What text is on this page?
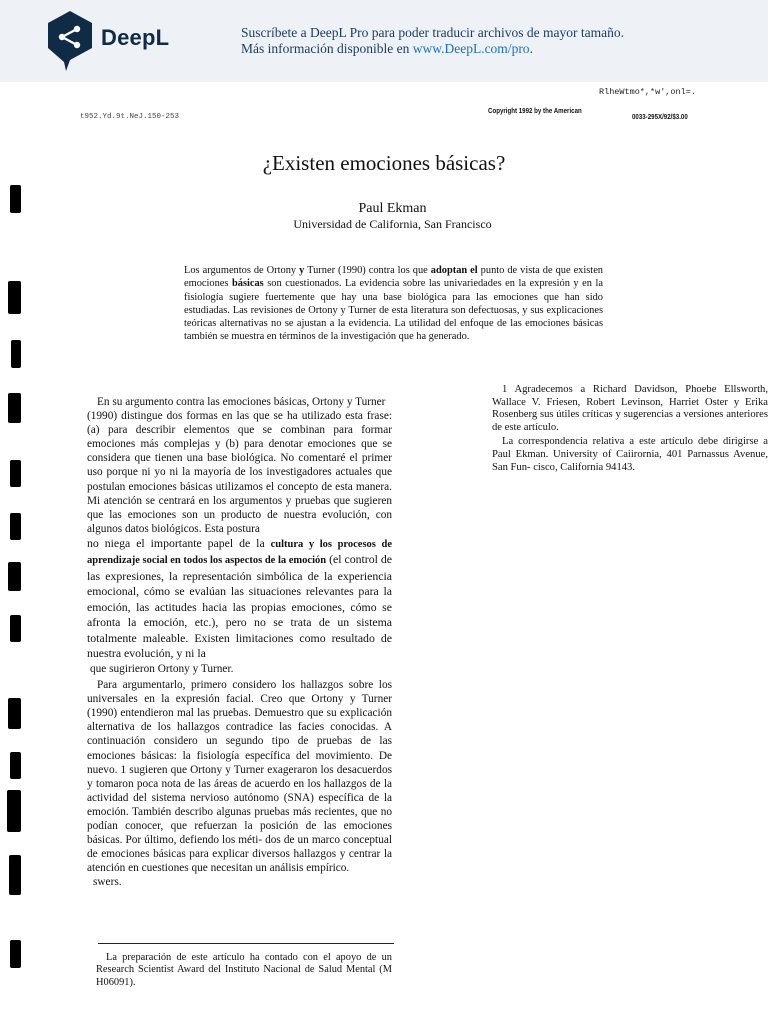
DeepL	Suscríbete a DeepL Pro para poder traducir archivos de mayor tamaño.
Más información disponible en www.DeepL.com/pro.
RlheWtmo*,*w',onl=.
t952.Yd.9t.NeJ.150-253
Copyright 1992 by the American
0033-295X/92/$3.00
¿Existen emociones básicas?
Paul Ekman
Universidad de California, San Francisco
Los argumentos de Ortony y Turner (1990) contra los que adoptan el punto de vista de que existen emociones básicas son cuestionados. La evidencia sobre las univariedades en la expresión y en la fisiología sugiere fuertemente que hay una base biológica para las emociones que han sido estudiadas. Las revisiones de Ortony y Turner de esta literatura son defectuosas, y sus explicaciones teóricas alternativas no se ajustan a la evidencia. La utilidad del enfoque de las emociones básicas también se muestra en términos de la investigación que ha generado.

En su argumento contra las emociones básicas, Ortony y Turner

(1990) distingue dos formas en las que se ha utilizado esta frase: (a) para describir elementos que se combinan para formar emociones más complejas y (b) para denotar emociones que se considera que tienen una base biológica. No comentaré el primer uso porque ni yo ni la mayoría de los investigadores actuales que postulan emociones básicas utilizamos el concepto de esta manera. Mi atención se centrará en los argumentos y pruebas que sugieren que las emociones son un producto de nuestra evolución, con algunos datos biológicos. Esta postura

no niega el importante papel de la cultura y los procesos de aprendizaje social en todos los aspectos de la emoción (el control de las expresiones, la representación simbólica de la experiencia emocional, cómo se evalúan las situaciones relevantes para la emoción, las actitudes hacia las propias emociones, cómo se afronta la emoción, etc.), pero no se trata de un sistema totalmente maleable. Existen limitaciones como resultado de nuestra evolución, y ni la

que sugirieron Ortony y Turner.

Para argumentarlo, primero considero los hallazgos sobre los universales en la expresión facial. Creo que Ortony y Turner (1990) entendieron mal las pruebas. Demuestro que su explicación alternativa de los hallazgos contradice las facies conocidas. A continuación considero un segundo tipo de pruebas de las emociones básicas: la fisiología específica del movimiento. De nuevo. 1 sugieren que Ortony y Turner exageraron los desacuerdos y tomaron poca nota de las áreas de acuerdo en los hallazgos de la actividad del sistema nervioso autónomo (SNA) específica de la emoción. También describo algunas pruebas más recientes, que no podían conocer, que refuerzan la posición de las emociones básicas. Por último, defiendo los méti- dos de un marco conceptual de emociones básicas para explicar diversos hallazgos y centrar la atención en cuestiones que necesitan un análisis empírico.

swers.

1 Agradecemos a Richard Davidson, Phoebe Ellsworth, Wallace V. Friesen, Robert Levinson, Harriet Oster y Erika Rosenberg sus útiles críticas y sugerencias a versiones anteriores de este artículo.

La correspondencia relativa a este artículo debe dirigirse a Paul Ekman. University of Caiirornia, 401 Parnassus Avenue, San Fun- cisco, California 94143.

La preparación de este artículo ha contado con el apoyo de un Research Scientist Award del Instituto Nacional de Salud Mental (M H06091).
